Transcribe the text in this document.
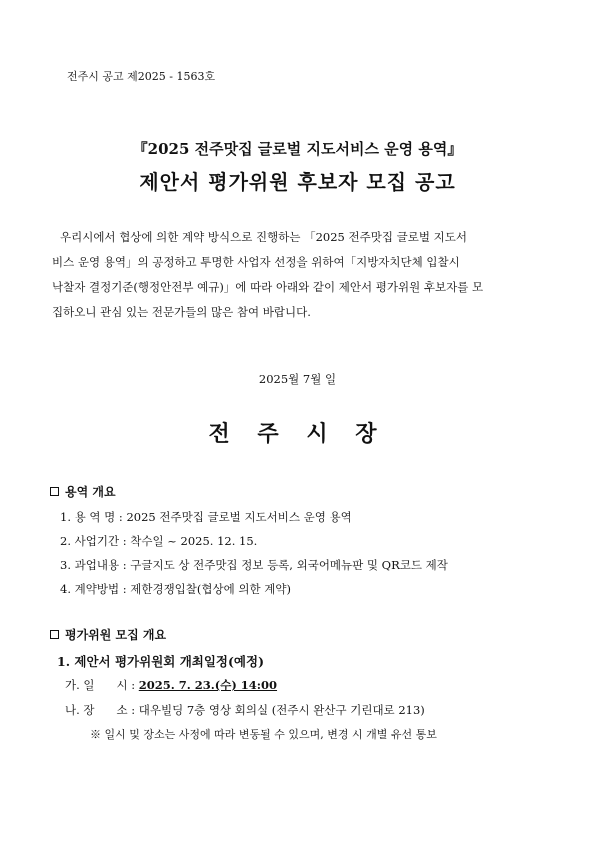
전주시 공고 제2025 - 1563호
『2025 전주맛집 글로벌 지도서비스 운영 용역』
제안서 평가위원 후보자 모집 공고
우리시에서 협상에 의한 계약 방식으로 진행하는 「2025 전주맛집 글로벌 지도서
비스 운영 용역」의 공정하고 투명한 사업자 선정을 위하여「지방자치단체 입찰시
낙찰자 결정기준(행정안전부 예규)」에 따라 아래와 같이 제안서 평가위원 후보자를 모
집하오니 관심 있는 전문가들의 많은 참여 바랍니다.
2025월 7월 일
전 주 시 장
용역 개요
1. 용 역 명 : 2025 전주맛집 글로벌 지도서비스 운영 용역
2. 사업기간 : 착수일 ~ 2025. 12. 15.
3. 과업내용 : 구글지도 상 전주맛집 정보 등록, 외국어메뉴판 및 QR코드 제작
4. 계약방법 : 제한경쟁입찰(협상에 의한 계약)
평가위원 모집 개요
1. 제안서 평가위원회 개최일정(예정)
가. 일      시 : 2025. 7. 23.(수) 14:00
나. 장      소 : 대우빌딩 7층 영상 회의실 (전주시 완산구 기린대로 213)
※ 일시 및 장소는 사정에 따라 변동될 수 있으며, 변경 시 개별 유선 통보
